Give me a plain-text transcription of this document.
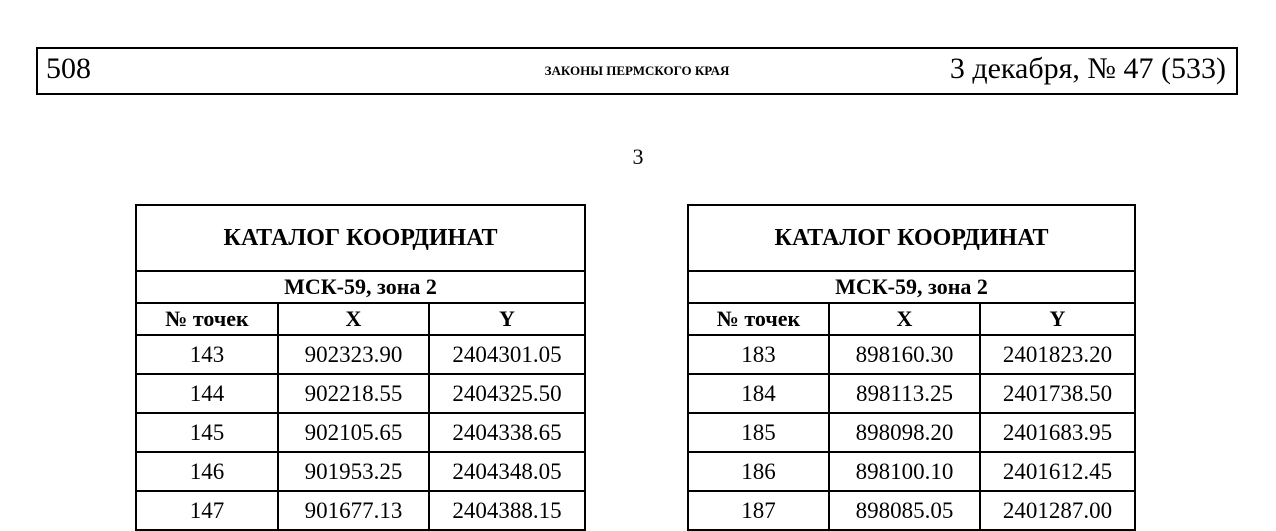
508	ЗАКОНЫ ПЕРМСКОГО КРАЯ	3 декабря, № 47 (533)
3
КАТАЛОГ КООРДИНАТ		
МСК-59, зона 2		
№ точек	X	Y
143	902323.90	2404301.05
144	902218.55	2404325.50
145	902105.65	2404338.65
146	901953.25	2404348.05
147	901677.13	2404388.15
КАТАЛОГ КООРДИНАТ		
МСК-59, зона 2		
№ точек	X	Y
183	898160.30	2401823.20
184	898113.25	2401738.50
185	898098.20	2401683.95
186	898100.10	2401612.45
187	898085.05	2401287.00
